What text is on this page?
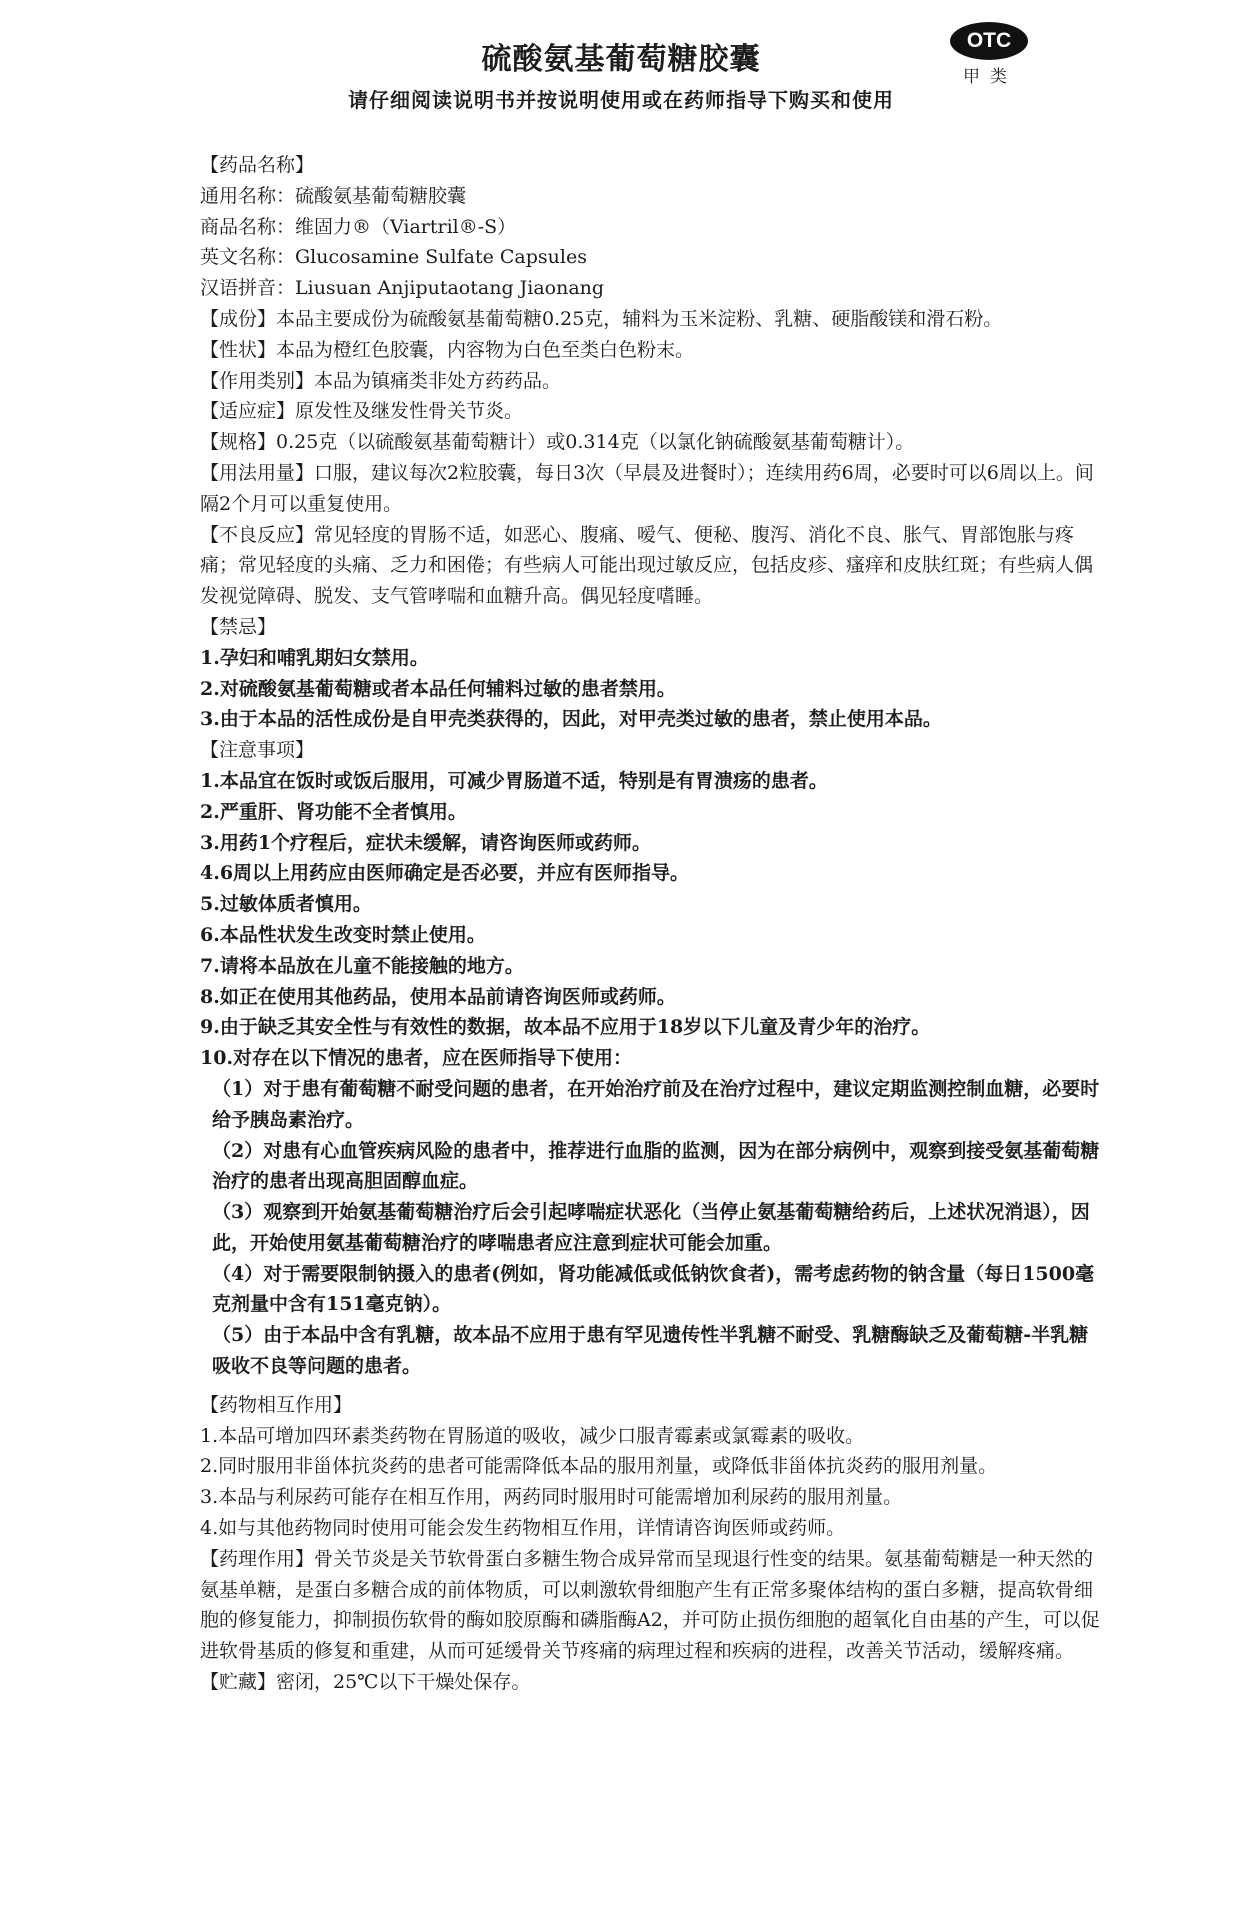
硫酸氨基葡萄糖胶囊
请仔细阅读说明书并按说明使用或在药师指导下购买和使用
OTC
甲类

【药品名称】

通用名称：硫酸氨基葡萄糖胶囊

商品名称：维固力®（Viartril®-S）

英文名称：Glucosamine Sulfate Capsules

汉语拼音：Liusuan Anjiputaotang Jiaonang

【成份】本品主要成份为硫酸氨基葡萄糖0.25克，辅料为玉米淀粉、乳糖、硬脂酸镁和滑石粉。

【性状】本品为橙红色胶囊，内容物为白色至类白色粉末。

【作用类别】本品为镇痛类非处方药药品。

【适应症】原发性及继发性骨关节炎。

【规格】0.25克（以硫酸氨基葡萄糖计）或0.314克（以氯化钠硫酸氨基葡萄糖计）。

【用法用量】口服，建议每次2粒胶囊，每日3次（早晨及进餐时）；连续用药6周，必要时可以6周以上。间隔2个月可以重复使用。

【不良反应】常见轻度的胃肠不适，如恶心、腹痛、嗳气、便秘、腹泻、消化不良、胀气、胃部饱胀与疼痛；常见轻度的头痛、乏力和困倦；有些病人可能出现过敏反应，包括皮疹、瘙痒和皮肤红斑；有些病人偶发视觉障碍、脱发、支气管哮喘和血糖升高。偶见轻度嗜睡。

【禁忌】

1.孕妇和哺乳期妇女禁用。

2.对硫酸氨基葡萄糖或者本品任何辅料过敏的患者禁用。

3.由于本品的活性成份是自甲壳类获得的，因此，对甲壳类过敏的患者，禁止使用本品。

【注意事项】

1.本品宜在饭时或饭后服用，可减少胃肠道不适，特别是有胃溃疡的患者。

2.严重肝、肾功能不全者慎用。

3.用药1个疗程后，症状未缓解，请咨询医师或药师。

4.6周以上用药应由医师确定是否必要，并应有医师指导。

5.过敏体质者慎用。

6.本品性状发生改变时禁止使用。

7.请将本品放在儿童不能接触的地方。

8.如正在使用其他药品，使用本品前请咨询医师或药师。

9.由于缺乏其安全性与有效性的数据，故本品不应用于18岁以下儿童及青少年的治疗。

10.对存在以下情况的患者，应在医师指导下使用：

（1）对于患有葡萄糖不耐受问题的患者，在开始治疗前及在治疗过程中，建议定期监测控制血糖，必要时给予胰岛素治疗。

（2）对患有心血管疾病风险的患者中，推荐进行血脂的监测，因为在部分病例中，观察到接受氨基葡萄糖治疗的患者出现高胆固醇血症。

（3）观察到开始氨基葡萄糖治疗后会引起哮喘症状恶化（当停止氨基葡萄糖给药后，上述状况消退），因此，开始使用氨基葡萄糖治疗的哮喘患者应注意到症状可能会加重。

（4）对于需要限制钠摄入的患者(例如，肾功能减低或低钠饮食者)，需考虑药物的钠含量（每日1500毫克剂量中含有151毫克钠）。

（5）由于本品中含有乳糖，故本品不应用于患有罕见遗传性半乳糖不耐受、乳糖酶缺乏及葡萄糖-半乳糖吸收不良等问题的患者。

【药物相互作用】

1.本品可增加四环素类药物在胃肠道的吸收，减少口服青霉素或氯霉素的吸收。

2.同时服用非甾体抗炎药的患者可能需降低本品的服用剂量，或降低非甾体抗炎药的服用剂量。

3.本品与利尿药可能存在相互作用，两药同时服用时可能需增加利尿药的服用剂量。

4.如与其他药物同时使用可能会发生药物相互作用，详情请咨询医师或药师。

【药理作用】骨关节炎是关节软骨蛋白多糖生物合成异常而呈现退行性变的结果。氨基葡萄糖是一种天然的氨基单糖，是蛋白多糖合成的前体物质，可以刺激软骨细胞产生有正常多聚体结构的蛋白多糖，提高软骨细胞的修复能力，抑制损伤软骨的酶如胶原酶和磷脂酶A2，并可防止损伤细胞的超氧化自由基的产生，可以促进软骨基质的修复和重建，从而可延缓骨关节疼痛的病理过程和疾病的进程，改善关节活动，缓解疼痛。

【贮藏】密闭，25℃以下干燥处保存。
